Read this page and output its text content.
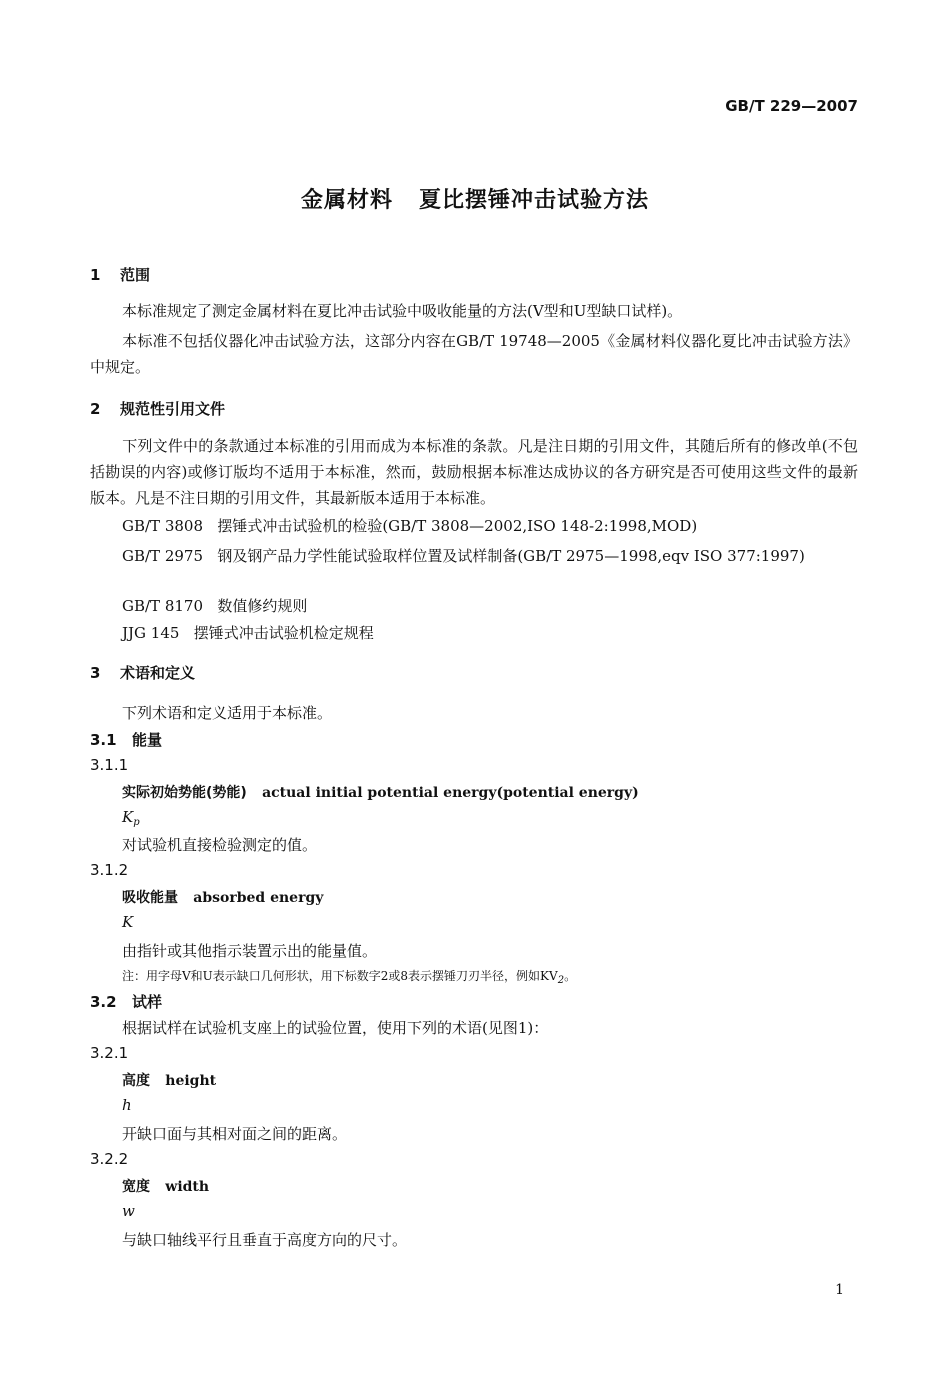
GB/T 229—2007
金属材料 夏比摆锤冲击试验方法
1 范围
本标准规定了测定金属材料在夏比冲击试验中吸收能量的方法(V型和U型缺口试样)。
本标准不包括仪器化冲击试验方法，这部分内容在GB/T 19748—2005《金属材料仪器化夏比冲击试验方法》中规定。
2 规范性引用文件
下列文件中的条款通过本标准的引用而成为本标准的条款。凡是注日期的引用文件，其随后所有的修改单(不包括勘误的内容)或修订版均不适用于本标准，然而，鼓励根据本标准达成协议的各方研究是否可使用这些文件的最新版本。凡是不注日期的引用文件，其最新版本适用于本标准。
GB/T 3808 摆锤式冲击试验机的检验(GB/T 3808—2002,ISO 148-2:1998,MOD)
GB/T 2975 钢及钢产品力学性能试验取样位置及试样制备(GB/T 2975—1998,eqv ISO 377:1997)
GB/T 8170 数值修约规则
JJG 145 摆锤式冲击试验机检定规程
3 术语和定义
下列术语和定义适用于本标准。
3.1 能量
3.1.1
实际初始势能(势能) actual initial potential energy(potential energy)
$K_p$
对试验机直接检验测定的值。
3.1.2
吸收能量 absorbed energy
K
由指针或其他指示装置示出的能量值。
注：用字母V和U表示缺口几何形状，用下标数字2或8表示摆锤刀刃半径，例如$KV_2$。
3.2 试样
根据试样在试验机支座上的试验位置，使用下列的术语(见图1)：
3.2.1
高度 height
h
开缺口面与其相对面之间的距离。
3.2.2
宽度 width
w
与缺口轴线平行且垂直于高度方向的尺寸。
1
